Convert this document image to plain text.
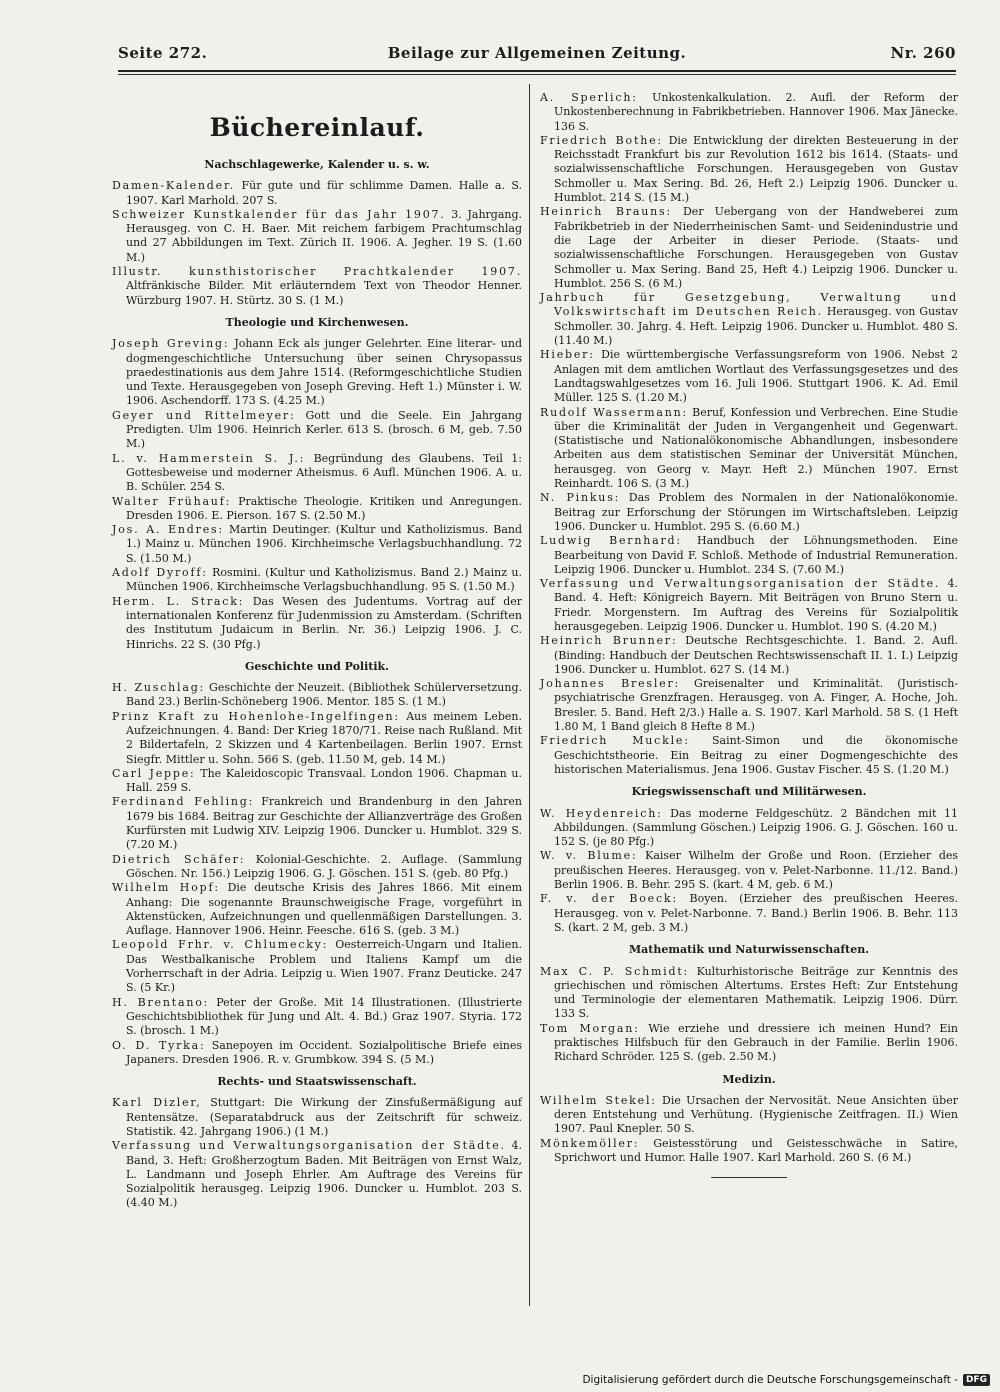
Seite 272.	Beilage zur Allgemeinen Zeitung.	Nr. 260
Büchereinlauf.
Nachschlagewerke, Kalender u. s. w.

Damen-Kalender. Für gute und für schlimme Damen. Halle a. S. 1907. Karl Marhold. 207 S.

Schweizer Kunstkalender für das Jahr 1907. 3. Jahrgang. Herausgeg. von C. H. Baer. Mit reichem farbigem Prachtumschlag und 27 Abbildungen im Text. Zürich II. 1906. A. Jegher. 19 S. (1.60 M.)

Illustr. kunsthistorischer Prachtkalender 1907. Altfränkische Bilder. Mit erläuterndem Text von Theodor Henner. Würzburg 1907. H. Stürtz. 30 S. (1 M.)

Theologie und Kirchenwesen.

Joseph Greving: Johann Eck als junger Gelehrter. Eine literar- und dogmengeschichtliche Untersuchung über seinen Chrysopassus praedestinationis aus dem Jahre 1514. (Reformgeschichtliche Studien und Texte. Herausgegeben von Joseph Greving. Heft 1.) Münster i. W. 1906. Aschendorff. 173 S. (4.25 M.)

Geyer und Rittelmeyer: Gott und die Seele. Ein Jahrgang Predigten. Ulm 1906. Heinrich Kerler. 613 S. (brosch. 6 M, geb. 7.50 M.)

L. v. Hammerstein S. J.: Begründung des Glaubens. Teil 1: Gottesbeweise und moderner Atheismus. 6 Aufl. München 1906. A. u. B. Schüler. 254 S.

Walter Frühauf: Praktische Theologie. Kritiken und Anregungen. Dresden 1906. E. Pierson. 167 S. (2.50 M.)

Jos. A. Endres: Martin Deutinger. (Kultur und Katholizismus. Band 1.) Mainz u. München 1906. Kirchheimsche Verlagsbuchhandlung. 72 S. (1.50 M.)

Adolf Dyroff: Rosmini. (Kultur und Katholizismus. Band 2.) Mainz u. München 1906. Kirchheimsche Verlagsbuchhandlung. 95 S. (1.50 M.)

Herm. L. Strack: Das Wesen des Judentums. Vortrag auf der internationalen Konferenz für Judenmission zu Amsterdam. (Schriften des Institutum Judaicum in Berlin. Nr. 36.) Leipzig 1906. J. C. Hinrichs. 22 S. (30 Pfg.)

Geschichte und Politik.

H. Zuschlag: Geschichte der Neuzeit. (Bibliothek Schülerversetzung. Band 23.) Berlin-Schöneberg 1906. Mentor. 185 S. (1 M.)

Prinz Kraft zu Hohenlohe-Ingelfingen: Aus meinem Leben. Aufzeichnungen. 4. Band: Der Krieg 1870/71. Reise nach Rußland. Mit 2 Bildertafeln, 2 Skizzen und 4 Kartenbeilagen. Berlin 1907. Ernst Siegfr. Mittler u. Sohn. 566 S. (geb. 11.50 M, geb. 14 M.)

Carl Jeppe: The Kaleidoscopic Transvaal. London 1906. Chapman u. Hall. 259 S.

Ferdinand Fehling: Frankreich und Brandenburg in den Jahren 1679 bis 1684. Beitrag zur Geschichte der Allianzverträge des Großen Kurfürsten mit Ludwig XIV. Leipzig 1906. Duncker u. Humblot. 329 S. (7.20 M.)

Dietrich Schäfer: Kolonial-Geschichte. 2. Auflage. (Sammlung Göschen. Nr. 156.) Leipzig 1906. G. J. Göschen. 151 S. (geb. 80 Pfg.)

Wilhelm Hopf: Die deutsche Krisis des Jahres 1866. Mit einem Anhang: Die sogenannte Braunschweigische Frage, vorgeführt in Aktenstücken, Aufzeichnungen und quellenmäßigen Darstellungen. 3. Auflage. Hannover 1906. Heinr. Feesche. 616 S. (geb. 3 M.)

Leopold Frhr. v. Chlumecky: Oesterreich-Ungarn und Italien. Das Westbalkanische Problem und Italiens Kampf um die Vorherrschaft in der Adria. Leipzig u. Wien 1907. Franz Deuticke. 247 S. (5 Kr.)

H. Brentano: Peter der Große. Mit 14 Illustrationen. (Illustrierte Geschichtsbibliothek für Jung und Alt. 4. Bd.) Graz 1907. Styria. 172 S. (brosch. 1 M.)

O. D. Tyrka: Sanepoyen im Occident. Sozialpolitische Briefe eines Japaners. Dresden 1906. R. v. Grumbkow. 394 S. (5 M.)

Rechts- und Staatswissenschaft.

Karl Dizler, Stuttgart: Die Wirkung der Zinsfußermäßigung auf Rentensätze. (Separatabdruck aus der Zeitschrift für schweiz. Statistik. 42. Jahrgang 1906.) (1 M.)

Verfassung und Verwaltungsorganisation der Städte. 4. Band, 3. Heft: Großherzogtum Baden. Mit Beiträgen von Ernst Walz, L. Landmann und Joseph Ehrler. Am Auftrage des Vereins für Sozialpolitik herausgeg. Leipzig 1906. Duncker u. Humblot. 203 S. (4.40 M.)

A. Sperlich: Unkostenkalkulation. 2. Aufl. der Reform der Unkostenberechnung in Fabrikbetrieben. Hannover 1906. Max Jänecke. 136 S.

Friedrich Bothe: Die Entwicklung der direkten Besteuerung in der Reichsstadt Frankfurt bis zur Revolution 1612 bis 1614. (Staats- und sozialwissenschaftliche Forschungen. Herausgegeben von Gustav Schmoller u. Max Sering. Bd. 26, Heft 2.) Leipzig 1906. Duncker u. Humblot. 214 S. (15 M.)

Heinrich Brauns: Der Uebergang von der Handweberei zum Fabrikbetrieb in der Niederrheinischen Samt- und Seidenindustrie und die Lage der Arbeiter in dieser Periode. (Staats- und sozialwissenschaftliche Forschungen. Herausgegeben von Gustav Schmoller u. Max Sering. Band 25, Heft 4.) Leipzig 1906. Duncker u. Humblot. 256 S. (6 M.)

Jahrbuch für Gesetzgebung, Verwaltung und Volkswirtschaft im Deutschen Reich. Herausgeg. von Gustav Schmoller. 30. Jahrg. 4. Heft. Leipzig 1906. Duncker u. Humblot. 480 S. (11.40 M.)

Hieber: Die württembergische Verfassungsreform von 1906. Nebst 2 Anlagen mit dem amtlichen Wortlaut des Verfassungsgesetzes und des Landtagswahlgesetzes vom 16. Juli 1906. Stuttgart 1906. K. Ad. Emil Müller. 125 S. (1.20 M.)

Rudolf Wassermann: Beruf, Konfession und Verbrechen. Eine Studie über die Kriminalität der Juden in Vergangenheit und Gegenwart. (Statistische und Nationalökonomische Abhandlungen, insbesondere Arbeiten aus dem statistischen Seminar der Universität München, herausgeg. von Georg v. Mayr. Heft 2.) München 1907. Ernst Reinhardt. 106 S. (3 M.)

N. Pinkus: Das Problem des Normalen in der Nationalökonomie. Beitrag zur Erforschung der Störungen im Wirtschaftsleben. Leipzig 1906. Duncker u. Humblot. 295 S. (6.60 M.)

Ludwig Bernhard: Handbuch der Löhnungsmethoden. Eine Bearbeitung von David F. Schloß. Methode of Industrial Remuneration. Leipzig 1906. Duncker u. Humblot. 234 S. (7.60 M.)

Verfassung und Verwaltungsorganisation der Städte. 4. Band. 4. Heft: Königreich Bayern. Mit Beiträgen von Bruno Stern u. Friedr. Morgenstern. Im Auftrag des Vereins für Sozialpolitik herausgegeben. Leipzig 1906. Duncker u. Humblot. 190 S. (4.20 M.)

Heinrich Brunner: Deutsche Rechtsgeschichte. 1. Band. 2. Aufl. (Binding: Handbuch der Deutschen Rechtswissenschaft II. 1. I.) Leipzig 1906. Duncker u. Humblot. 627 S. (14 M.)

Johannes Bresler: Greisenalter und Kriminalität. (Juristisch-psychiatrische Grenzfragen. Herausgeg. von A. Finger, A. Hoche, Joh. Bresler. 5. Band. Heft 2/3.) Halle a. S. 1907. Karl Marhold. 58 S. (1 Heft 1.80 M, 1 Band gleich 8 Hefte 8 M.)

Friedrich Muckle: Saint-Simon und die ökonomische Geschichtstheorie. Ein Beitrag zu einer Dogmengeschichte des historischen Materialismus. Jena 1906. Gustav Fischer. 45 S. (1.20 M.)

Kriegswissenschaft und Militärwesen.

W. Heydenreich: Das moderne Feldgeschütz. 2 Bändchen mit 11 Abbildungen. (Sammlung Göschen.) Leipzig 1906. G. J. Göschen. 160 u. 152 S. (je 80 Pfg.)

W. v. Blume: Kaiser Wilhelm der Große und Roon. (Erzieher des preußischen Heeres. Herausgeg. von v. Pelet-Narbonne. 11./12. Band.) Berlin 1906. B. Behr. 295 S. (kart. 4 M, geb. 6 M.)

F. v. der Boeck: Boyen. (Erzieher des preußischen Heeres. Herausgeg. von v. Pelet-Narbonne. 7. Band.) Berlin 1906. B. Behr. 113 S. (kart. 2 M, geb. 3 M.)

Mathematik und Naturwissenschaften.

Max C. P. Schmidt: Kulturhistorische Beiträge zur Kenntnis des griechischen und römischen Altertums. Erstes Heft: Zur Entstehung und Terminologie der elementaren Mathematik. Leipzig 1906. Dürr. 133 S.

Tom Morgan: Wie erziehe und dressiere ich meinen Hund? Ein praktisches Hilfsbuch für den Gebrauch in der Familie. Berlin 1906. Richard Schröder. 125 S. (geb. 2.50 M.)

Medizin.

Wilhelm Stekel: Die Ursachen der Nervosität. Neue Ansichten über deren Entstehung und Verhütung. (Hygienische Zeitfragen. II.) Wien 1907. Paul Knepler. 50 S.

Mönkemöller: Geistesstörung und Geistesschwäche in Satire, Sprichwort und Humor. Halle 1907. Karl Marhold. 260 S. (6 M.)

Digitalisierung gefördert durch die Deutsche Forschungsgemeinschaft - DFG
